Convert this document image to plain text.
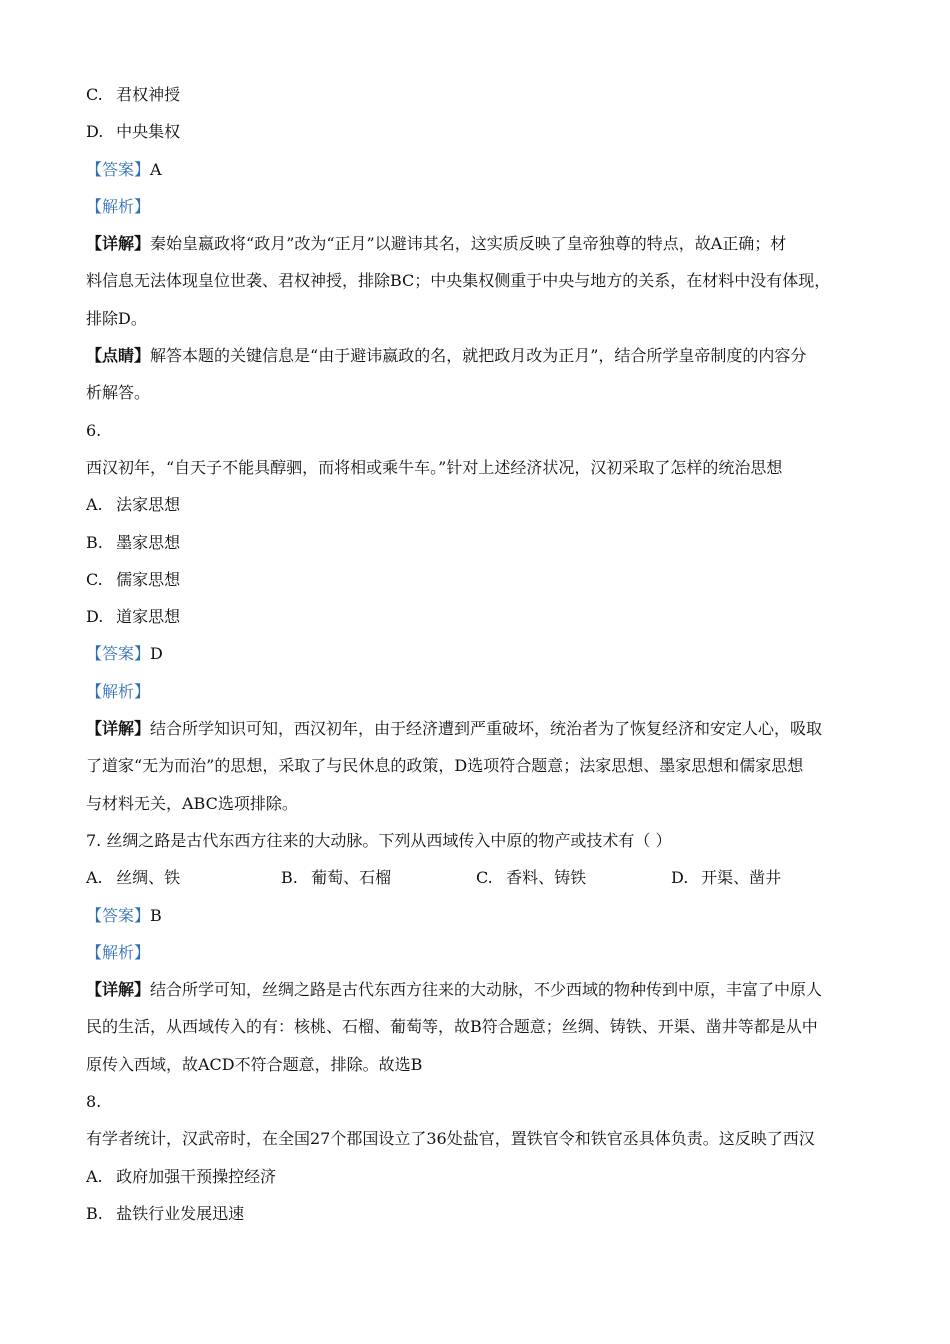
C. 君权神授
D. 中央集权
【答案】A
【解析】
【详解】秦始皇嬴政将“政月”改为“正月”以避讳其名，这实质反映了皇帝独尊的特点，故A正确；材
料信息无法体现皇位世袭、君权神授，排除BC；中央集权侧重于中央与地方的关系，在材料中没有体现，
排除D。
【点睛】解答本题的关键信息是“由于避讳嬴政的名，就把政月改为正月”，结合所学皇帝制度的内容分
析解答。
6.
西汉初年，“自天子不能具醇驷，而将相或乘牛车。”针对上述经济状况，汉初采取了怎样的统治思想
A. 法家思想
B. 墨家思想
C. 儒家思想
D. 道家思想
【答案】D
【解析】
【详解】结合所学知识可知，西汉初年，由于经济遭到严重破坏，统治者为了恢复经济和安定人心，吸取
了道家“无为而治”的思想，采取了与民休息的政策，D选项符合题意；法家思想、墨家思想和儒家思想
与材料无关，ABC选项排除。
7. 丝绸之路是古代东西方往来的大动脉。下列从西域传入中原的物产或技术有（ ）
A. 丝绸、铁	B. 葡萄、石榴	C. 香料、铸铁	D. 开渠、凿井
【答案】B
【解析】
【详解】结合所学可知，丝绸之路是古代东西方往来的大动脉，不少西域的物种传到中原，丰富了中原人
民的生活，从西域传入的有：核桃、石榴、葡萄等，故B符合题意；丝绸、铸铁、开渠、凿井等都是从中
原传入西域，故ACD不符合题意，排除。故选B
8.
有学者统计，汉武帝时，在全国27个郡国设立了36处盐官，置铁官令和铁官丞具体负责。这反映了西汉
A. 政府加强干预操控经济
B. 盐铁行业发展迅速
